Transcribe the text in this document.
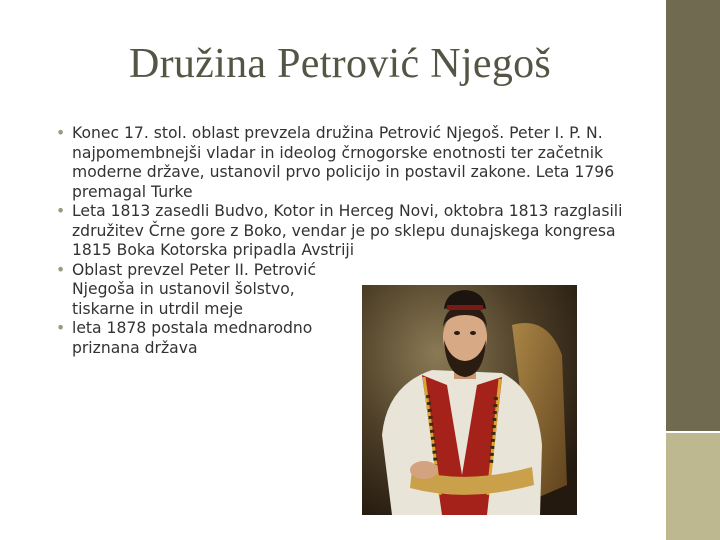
Družina Petrović Njegoš
• Konec 17. stol. oblast prevzela družina Petrović Njegoš. Peter I. P. N. najpomembnejši vladar in ideolog črnogorske enotnosti ter začetnik moderne države, ustanovil prvo policijo in postavil zakone. Leta 1796 premagal Turke
• Leta 1813 zasedli Budvo, Kotor in Herceg Novi, oktobra 1813 razglasili združitev Črne gore z Boko, vendar je po sklepu dunajskega kongresa 1815 Boka Kotorska pripadla Avstriji
• Oblast prevzel Peter II. Petrović Njegoša in ustanovil šolstvo, tiskarne in utrdil meje
• leta 1878 postala mednarodno priznana država
